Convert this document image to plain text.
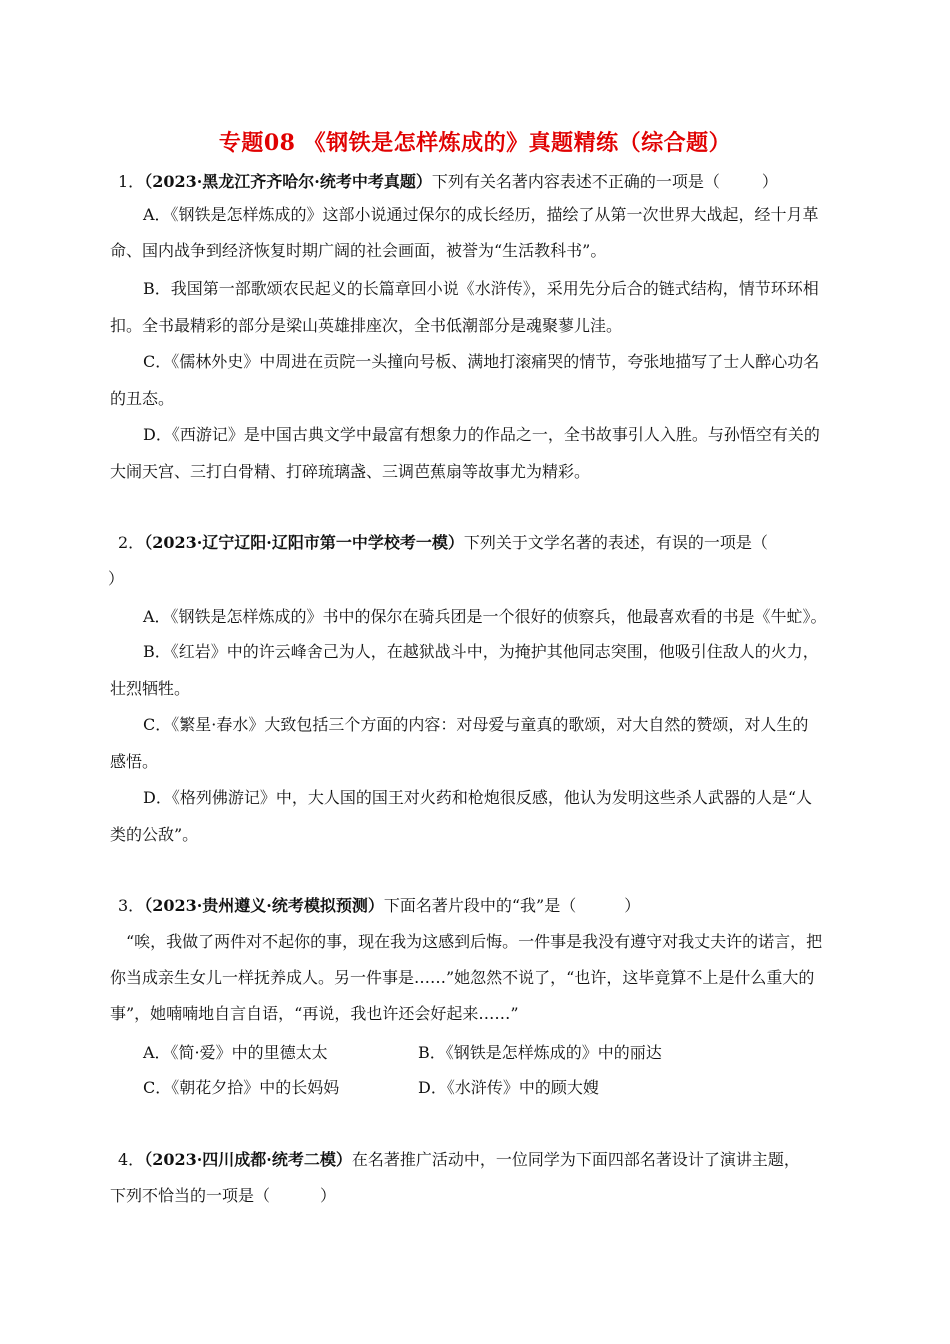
专题08 《钢铁是怎样炼成的》真题精练（综合题）
1．（2023·黑龙江齐齐哈尔·统考中考真题）下列有关名著内容表述不正确的一项是（	）
A．《钢铁是怎样炼成的》这部小说通过保尔的成长经历，描绘了从第一次世界大战起，经十月革
命、国内战争到经济恢复时期广阔的社会画面，被誉为“生活教科书”。
B．我国第一部歌颂农民起义的长篇章回小说《水浒传》，采用先分后合的链式结构，情节环环相
扣。全书最精彩的部分是梁山英雄排座次，全书低潮部分是魂聚蓼儿洼。
C．《儒林外史》中周进在贡院一头撞向号板、满地打滚痛哭的情节，夸张地描写了士人醉心功名
的丑态。
D．《西游记》是中国古典文学中最富有想象力的作品之一，全书故事引人入胜。与孙悟空有关的
大闹天宫、三打白骨精、打碎琉璃盏、三调芭蕉扇等故事尤为精彩。
2．（2023·辽宁辽阳·辽阳市第一中学校考一模）下列关于文学名著的表述，有误的一项是（
）
A．《钢铁是怎样炼成的》书中的保尔在骑兵团是一个很好的侦察兵，他最喜欢看的书是《牛虻》。
B．《红岩》中的许云峰舍己为人，在越狱战斗中，为掩护其他同志突围，他吸引住敌人的火力，
壮烈牺牲。
C．《繁星·春水》大致包括三个方面的内容：对母爱与童真的歌颂，对大自然的赞颂，对人生的
感悟。
D．《格列佛游记》中，大人国的国王对火药和枪炮很反感，他认为发明这些杀人武器的人是“人
类的公敌”。
3．（2023·贵州遵义·统考模拟预测）下面名著片段中的“我”是（	）
“唉，我做了两件对不起你的事，现在我为这感到后悔。一件事是我没有遵守对我丈夫许的诺言，把
你当成亲生女儿一样抚养成人。另一件事是……”她忽然不说了，“也许，这毕竟算不上是什么重大的
事”，她喃喃地自言自语，“再说，我也许还会好起来……”
A．《简·爱》中的里德太太	B．《钢铁是怎样炼成的》中的丽达
C．《朝花夕拾》中的长妈妈	D．《水浒传》中的顾大嫂
4．（2023·四川成都·统考二模）在名著推广活动中，一位同学为下面四部名著设计了演讲主题，
下列不恰当的一项是（	）
